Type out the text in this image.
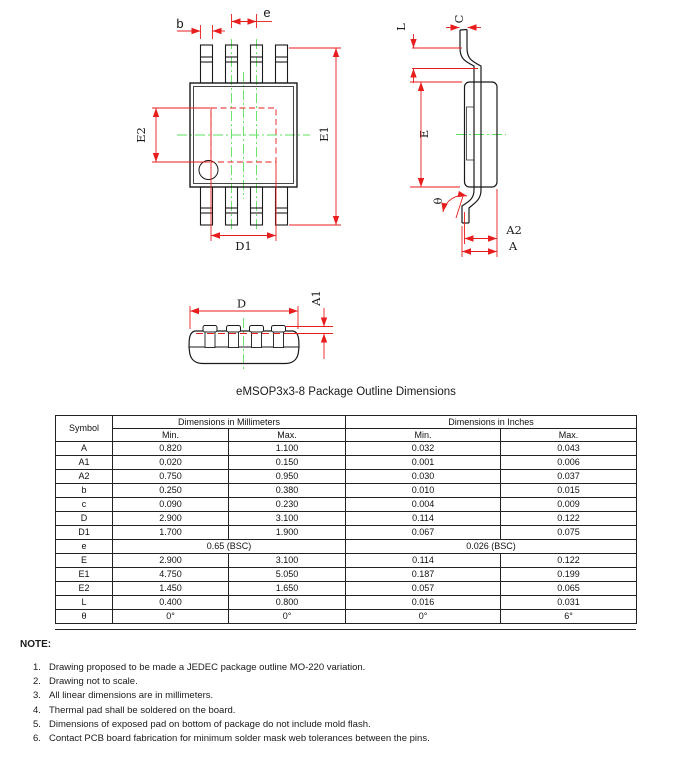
b
e
E2	E1
D1
L
C
E
θ
A2
A
D	A1
eMSOP3x3-8 Package Outline Dimensions
Symbol	Dimensions in Millimeters		Dimensions in Inches	
	Min.	Max.	Min.	Max.
A	0.820	1.100	0.032	0.043
A1	0.020	0.150	0.001	0.006
A2	0.750	0.950	0.030	0.037
b	0.250	0.380	0.010	0.015
c	0.090	0.230	0.004	0.009
D	2.900	3.100	0.114	0.122
D1	1.700	1.900	0.067	0.075
e	0.65 (BSC)		0.026 (BSC)	
E	2.900	3.100	0.114	0.122
E1	4.750	5.050	0.187	0.199
E2	1.450	1.650	0.057	0.065
L	0.400	0.800	0.016	0.031
θ	0°	0°	0°	6°
NOTE:
1. Drawing proposed to be made a JEDEC package outline MO-220 variation.
2. Drawing not to scale.
3. All linear dimensions are in millimeters.
4. Thermal pad shall be soldered on the board.
5. Dimensions of exposed pad on bottom of package do not include mold flash.
6. Contact PCB board fabrication for minimum solder mask web tolerances between the pins.
